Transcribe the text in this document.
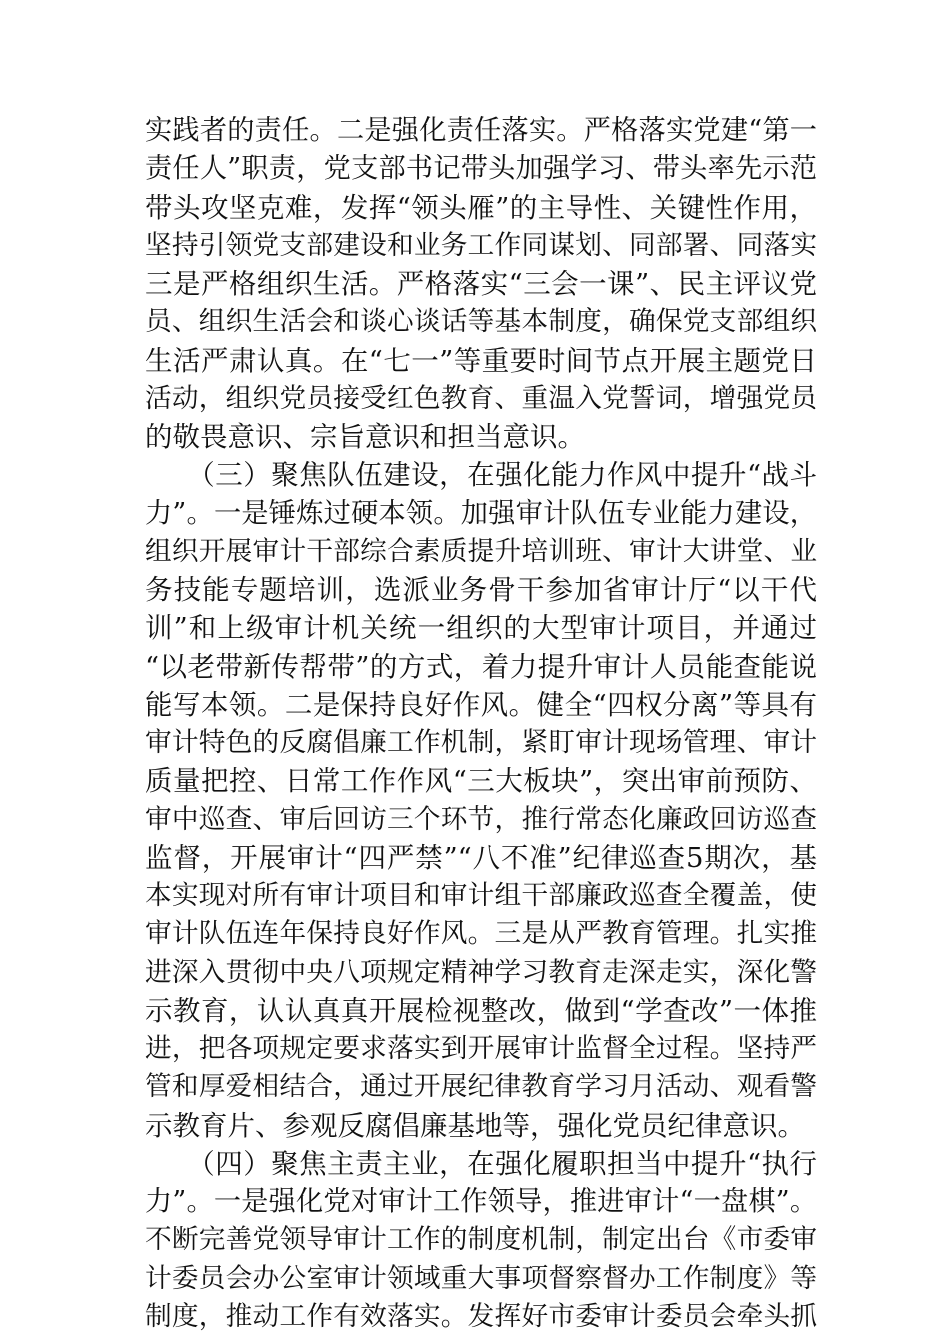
实践者的责任。二是强化责任落实。严格落实党建“第一
责任人”职责，党支部书记带头加强学习、带头率先示范
带头攻坚克难，发挥“领头雁”的主导性、关键性作用，
坚持引领党支部建设和业务工作同谋划、同部署、同落实
三是严格组织生活。严格落实“三会一课”、民主评议党
员、组织生活会和谈心谈话等基本制度，确保党支部组织
生活严肃认真。在“七一”等重要时间节点开展主题党日
活动，组织党员接受红色教育、重温入党誓词，增强党员
的敬畏意识、宗旨意识和担当意识。
　　（三）聚焦队伍建设，在强化能力作风中提升“战斗
力”。一是锤炼过硬本领。加强审计队伍专业能力建设，
组织开展审计干部综合素质提升培训班、审计大讲堂、业
务技能专题培训，选派业务骨干参加省审计厅“以干代
训”和上级审计机关统一组织的大型审计项目，并通过
“以老带新传帮带”的方式，着力提升审计人员能查能说
能写本领。二是保持良好作风。健全“四权分离”等具有
审计特色的反腐倡廉工作机制，紧盯审计现场管理、审计
质量把控、日常工作作风“三大板块”，突出审前预防、
审中巡查、审后回访三个环节，推行常态化廉政回访巡查
监督，开展审计“四严禁”“八不准”纪律巡查5期次，基
本实现对所有审计项目和审计组干部廉政巡查全覆盖，使
审计队伍连年保持良好作风。三是从严教育管理。扎实推
进深入贯彻中央八项规定精神学习教育走深走实，深化警
示教育，认认真真开展检视整改，做到“学查改”一体推
进，把各项规定要求落实到开展审计监督全过程。坚持严
管和厚爱相结合，通过开展纪律教育学习月活动、观看警
示教育片、参观反腐倡廉基地等，强化党员纪律意识。
　　（四）聚焦主责主业，在强化履职担当中提升“执行
力”。一是强化党对审计工作领导，推进审计“一盘棋”。
不断完善党领导审计工作的制度机制，制定出台《市委审
计委员会办公室审计领域重大事项督察督办工作制度》等
制度，推动工作有效落实。发挥好市委审计委员会牵头抓
